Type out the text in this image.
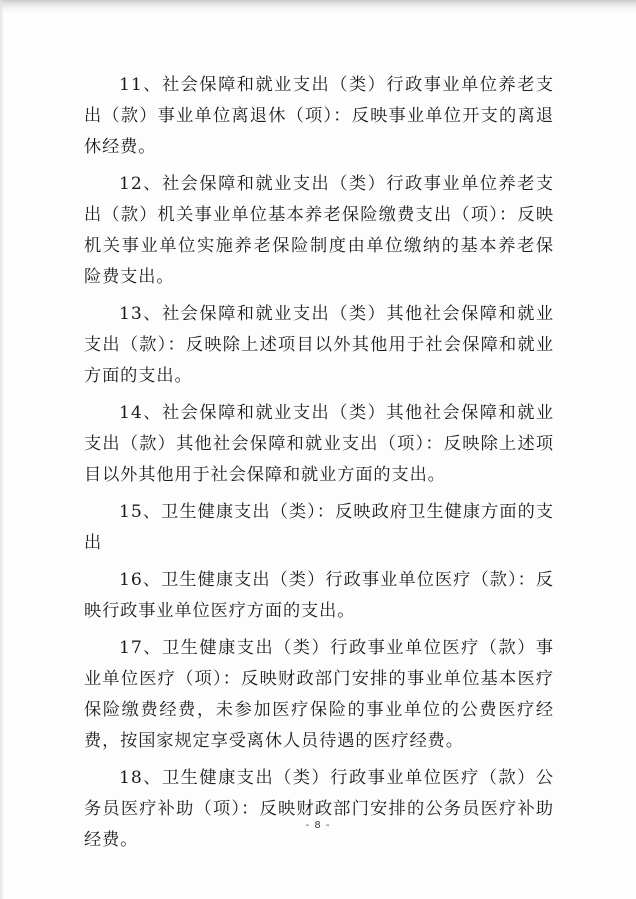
11、社会保障和就业支出（类）行政事业单位养老支出（款）事业单位离退休（项）：反映事业单位开支的离退休经费。

12、社会保障和就业支出（类）行政事业单位养老支出（款）机关事业单位基本养老保险缴费支出（项）：反映机关事业单位实施养老保险制度由单位缴纳的基本养老保险费支出。

13、社会保障和就业支出（类）其他社会保障和就业支出（款）：反映除上述项目以外其他用于社会保障和就业方面的支出。

14、社会保障和就业支出（类）其他社会保障和就业支出（款）其他社会保障和就业支出（项）：反映除上述项目以外其他用于社会保障和就业方面的支出。

15、卫生健康支出（类）：反映政府卫生健康方面的支出

16、卫生健康支出（类）行政事业单位医疗（款）：反映行政事业单位医疗方面的支出。

17、卫生健康支出（类）行政事业单位医疗（款）事业单位医疗（项）：反映财政部门安排的事业单位基本医疗保险缴费经费，未参加医疗保险的事业单位的公费医疗经费，按国家规定享受离休人员待遇的医疗经费。

18、卫生健康支出（类）行政事业单位医疗（款）公务员医疗补助（项）：反映财政部门安排的公务员医疗补助经费。

- 8 -
